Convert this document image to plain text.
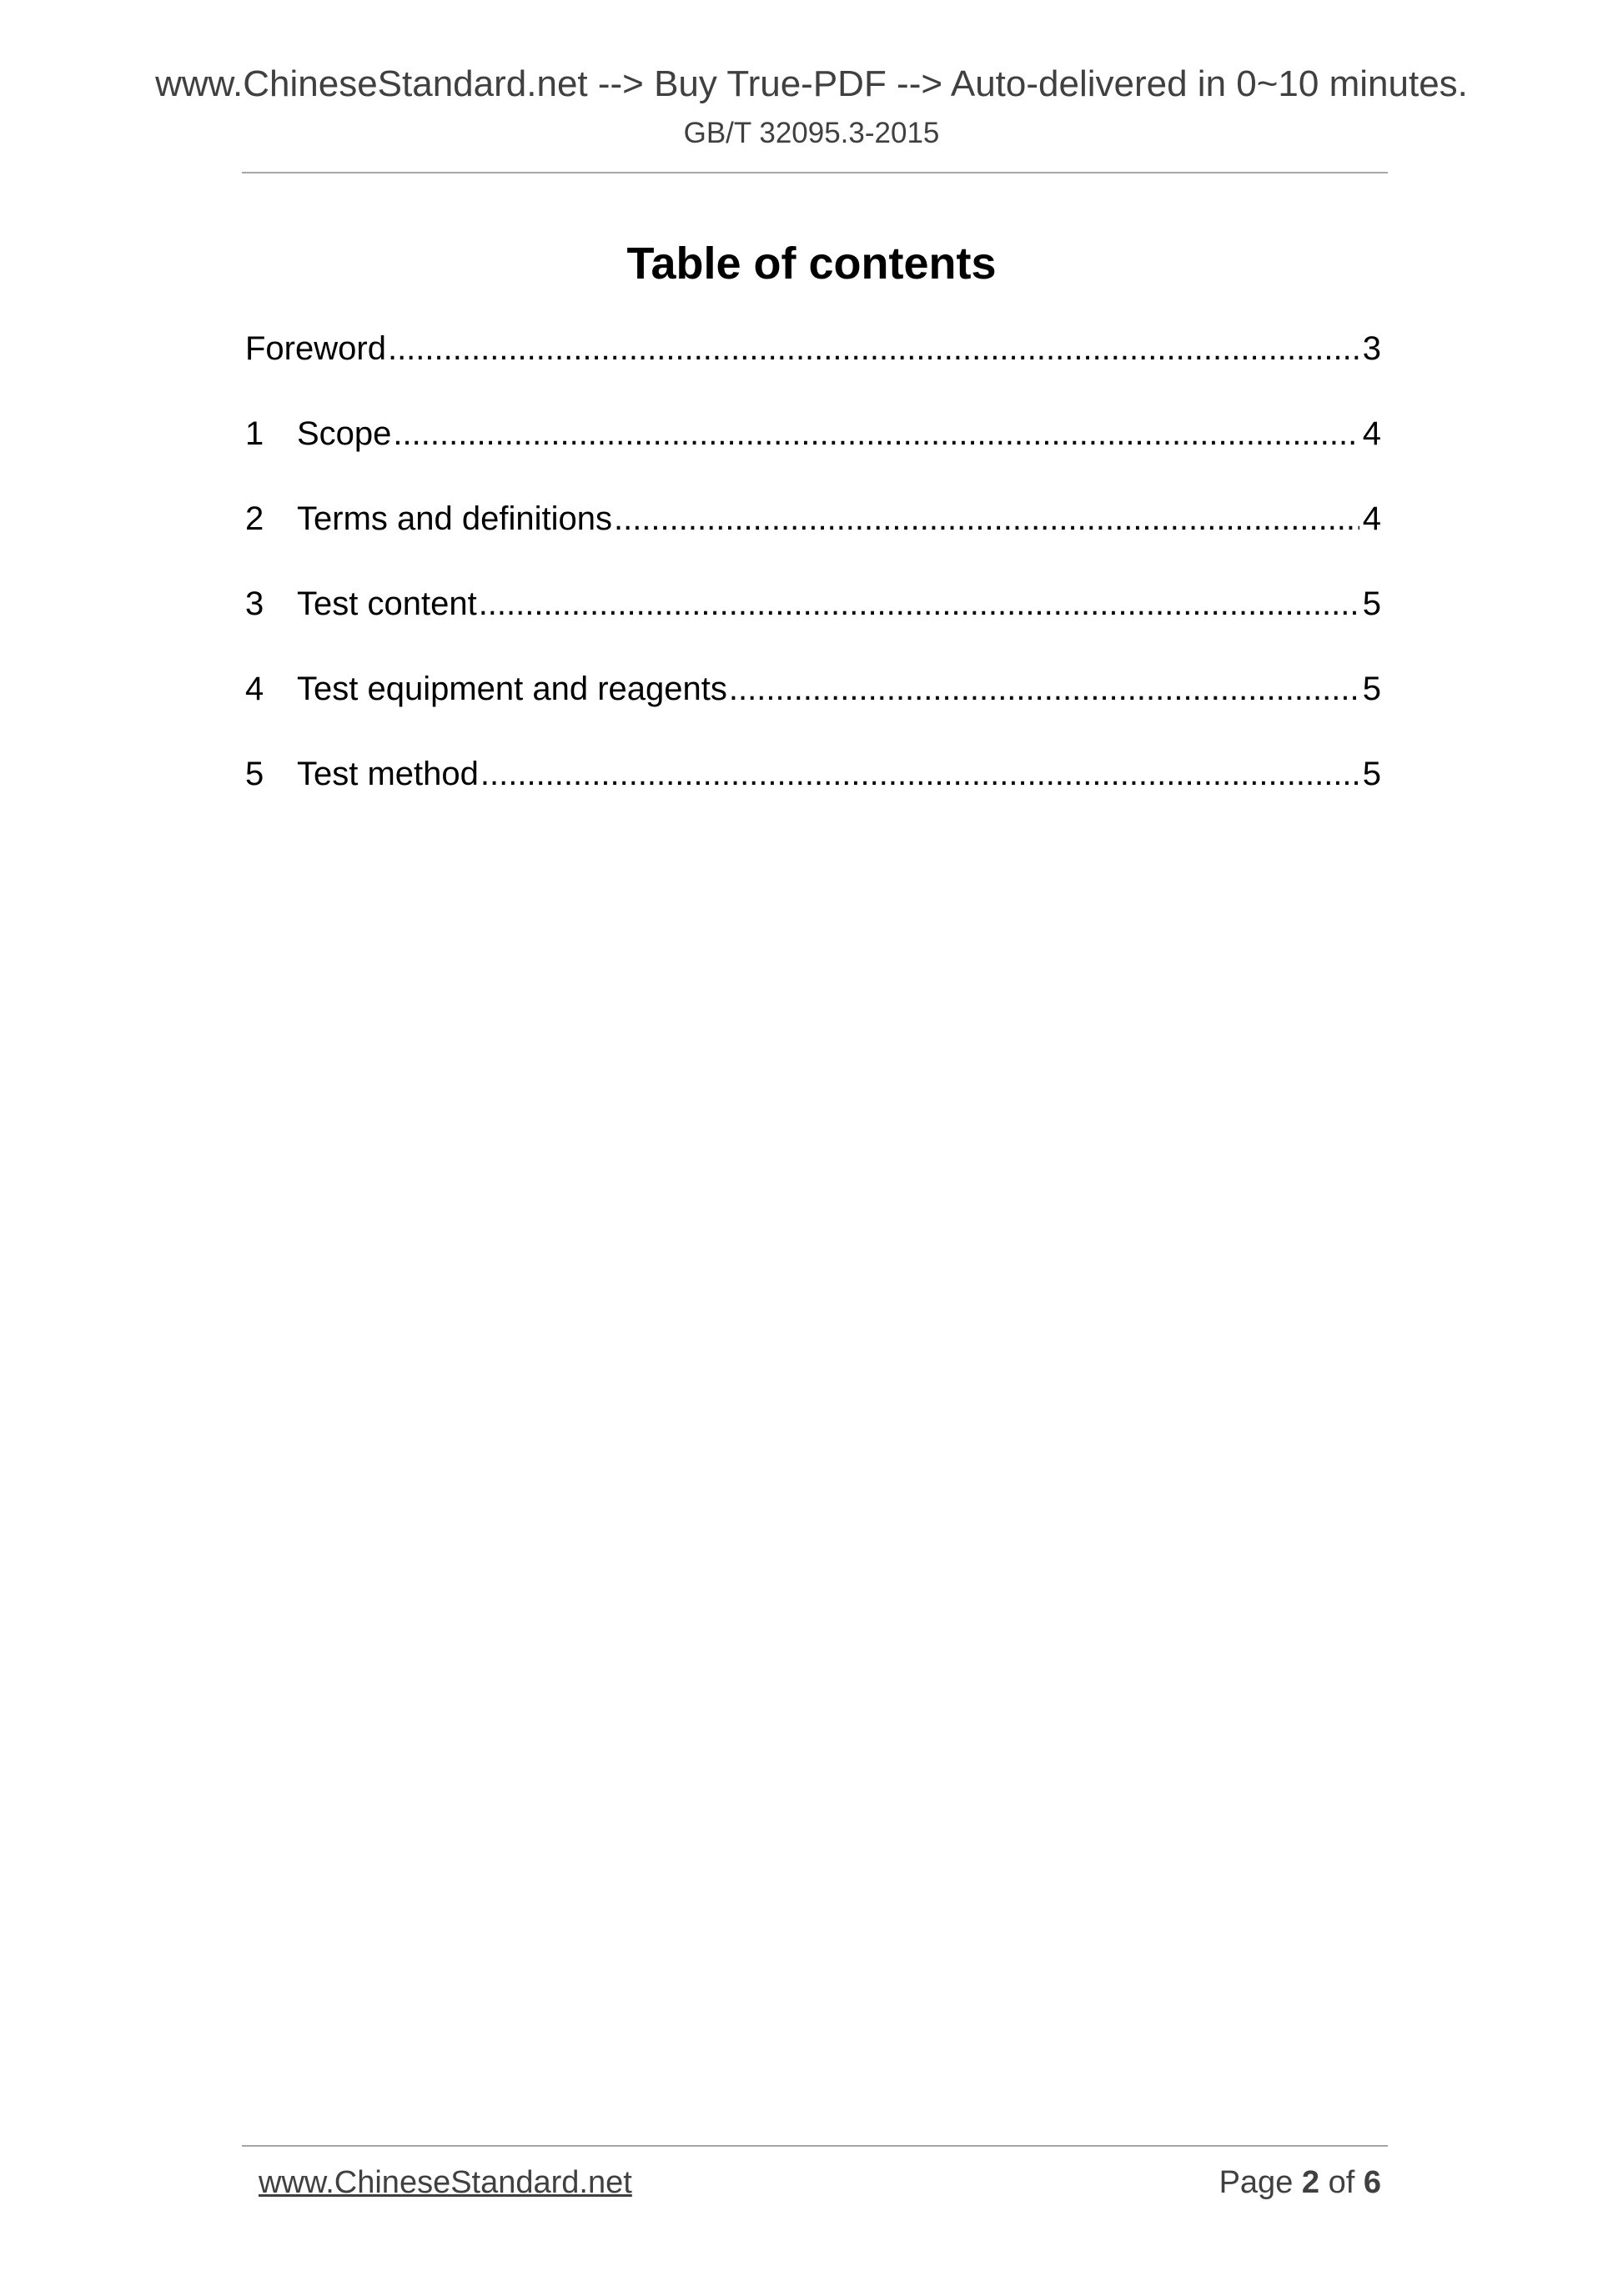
www.ChineseStandard.net --> Buy True-PDF --> Auto-delivered in 0~10 minutes.
GB/T 32095.3-2015
Table of contents
Foreword .....	3
1 Scope .....	4
2 Terms and definitions .....	4
3 Test content .....	5
4 Test equipment and reagents .....	5
5 Test method .....	5
www.ChineseStandard.net	Page 2 of 6
